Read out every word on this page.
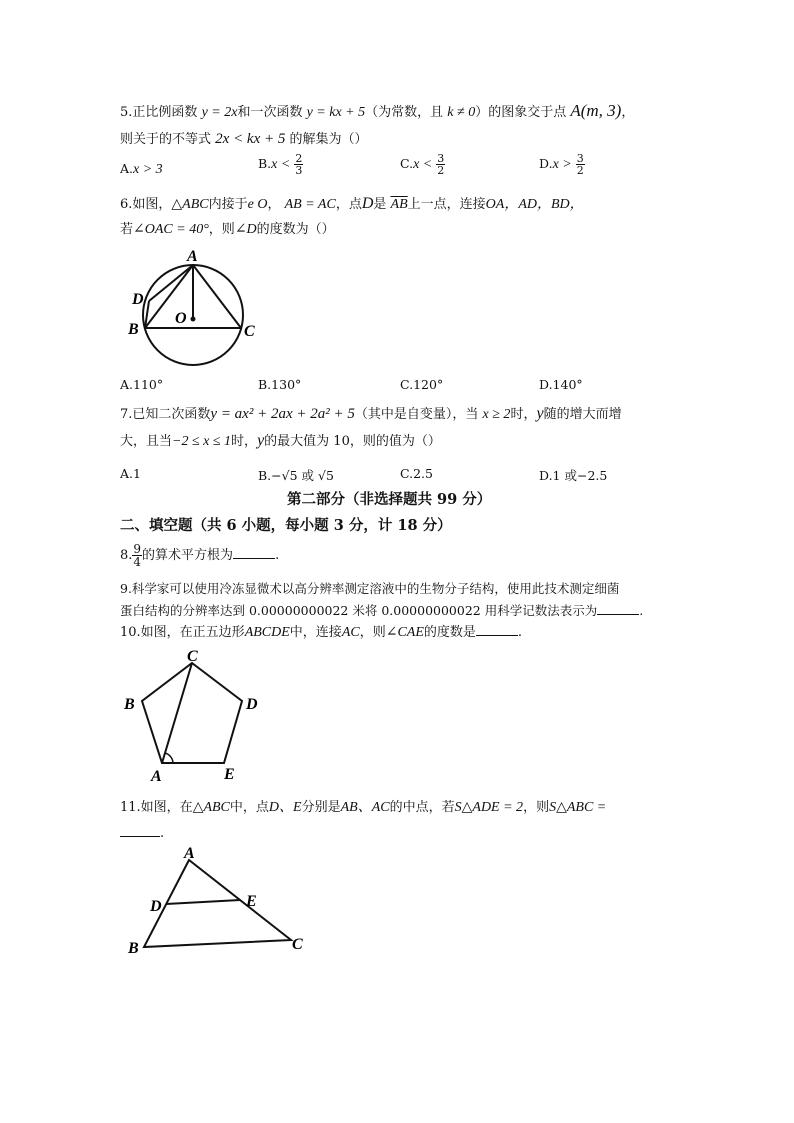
5.正比例函数 y = 2x和一次函数 y = kx + 5（为常数，且 k ≠ 0）的图象交于点 A(m, 3)，
则关于的不等式 2x < kx + 5 的解集为（）
A.x > 3	$B.x < \frac{2}{3}$	$C.x < \frac{3}{2}$	$D.x > \frac{3}{2}$
6.如图，△ABC内接于e O， AB = AC，点D是 $\overline{AB}$上一点，连接OA，AD，BD，
若∠OAC = 40°，则∠D的度数为（）
A
D
B
O
C
A.110°	B.130°	C.120°	D.140°
7.已知二次函数y = ax² + 2ax + 2a² + 5（其中是自变量），当 x ≥ 2时，y随的增大而增
大，且当−2 ≤ x ≤ 1时，y的最大值为 10，则的值为（）
A.1	B.−√5 或 √5	C.2.5	D.1 或−2.5
第二部分（非选择题共 99 分）
二、填空题（共 6 小题，每小题 3 分，计 18 分）
8. $\frac{9}{4}$ 的算术平方根为	.
9.科学家可以使用冷冻显微术以高分辨率测定溶液中的生物分子结构，使用此技术测定细菌
蛋白结构的分辨率达到 0.00000000022 米将 0.00000000022 用科学记数法表示为	.
10.如图，在正五边形ABCDE中，连接AC，则∠CAE的度数是	.
C
B	D
A	E
11.如图，在△ABC中，点D、E分别是AB、AC的中点，若S△ADE = 2，则S△ABC =
.
A
D	E
B	C
